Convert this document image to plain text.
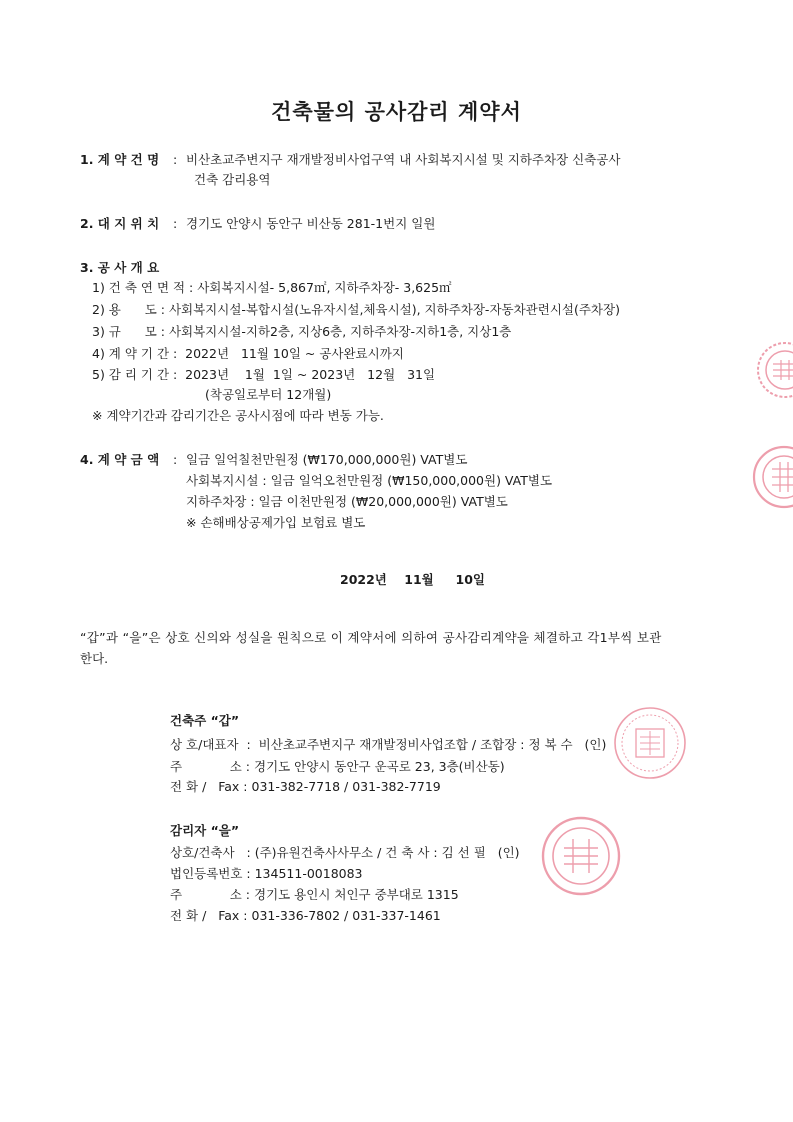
건축물의 공사감리 계약서
1. 계 약 건 명 : 비산초교주변지구 재개발정비사업구역 내 사회복지시설 및 지하주차장 신축공사
건축 감리용역
2. 대 지 위 치 : 경기도 안양시 동안구 비산동 281-1번지 일원
3. 공 사 개 요
1) 건 축 연 면 적 : 사회복지시설- 5,867㎡, 지하주차장- 3,625㎡
2) 용      도 : 사회복지시설-복합시설(노유자시설,체육시설), 지하주차장-자동차관련시설(주차장)
3) 규      모 : 사회복지시설-지하2층, 지상6층, 지하주차장-지하1층, 지상1층
4) 계 약 기 간 :  2022년   11월 10일 ~ 공사완료시까지
5) 감 리 기 간 :  2023년    1월  1일 ~ 2023년   12월   31일
(착공일로부터 12개월)
※ 계약기간과 감리기간은 공사시점에 따라 변동 가능.
4. 계 약 금 액 : 일금 일억칠천만원정 (₩170,000,000원) VAT별도
사회복지시설 : 일금 일억오천만원정 (₩150,000,000원) VAT별도
지하주차장 : 일금 이천만원정 (₩20,000,000원) VAT별도
※ 손해배상공제가입 보험료 별도
2022년    11월     10일
“갑”과 “을”은 상호 신의와 성실을 원칙으로 이 계약서에 의하여 공사감리계약을 체결하고 각1부씩 보관
한다.
건축주 “갑”
상 호/대표자  :  비산초교주변지구 재개발정비사업조합 / 조합장 : 정 복 수   (인)
주            소 : 경기도 안양시 동안구 운곡로 23, 3층(비산동)
전 화 /   Fax : 031-382-7718 / 031-382-7719
감리자 “을”
상호/건축사   : (주)유원건축사사무소 / 건 축 사 : 김 선 필   (인)
법인등록번호 : 134511-0018083
주            소 : 경기도 용인시 처인구 중부대로 1315
전 화 /   Fax : 031-336-7802 / 031-337-1461
